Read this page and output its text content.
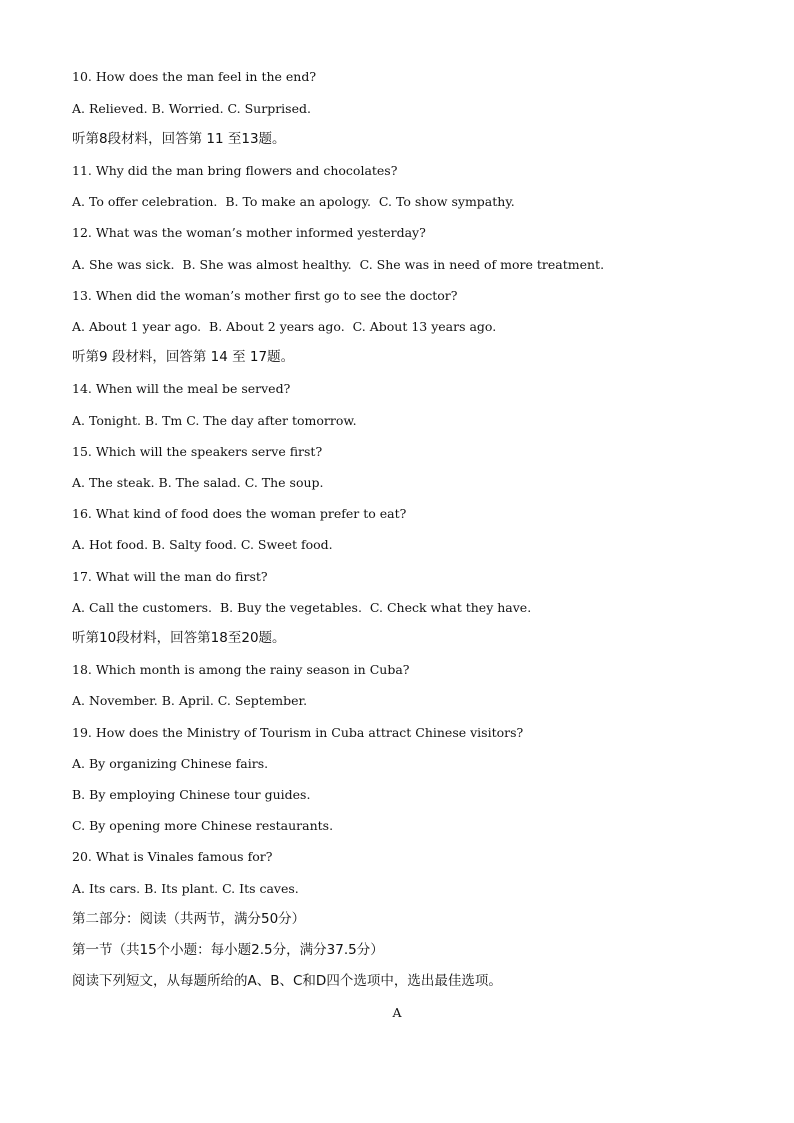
10. How does the man feel in the end?
A. Relieved. B. Worried. C. Surprised.
听第8段材料，回答第 11 至13题。
11. Why did the man bring flowers and chocolates?
A. To offer celebration.  B. To make an apology.  C. To show sympathy.
12. What was the woman’s mother informed yesterday?
A. She was sick.  B. She was almost healthy.  C. She was in need of more treatment.
13. When did the woman’s mother first go to see the doctor?
A. About 1 year ago.  B. About 2 years ago.  C. About 13 years ago.
听第9 段材料，回答第 14 至 17题。
14. When will the meal be served?
A. Tonight. B. Tm C. The day after tomorrow.
15. Which will the speakers serve first?
A. The steak. B. The salad. C. The soup.
16. What kind of food does the woman prefer to eat?
A. Hot food. B. Salty food. C. Sweet food.
17. What will the man do first?
A. Call the customers.  B. Buy the vegetables.  C. Check what they have.
听第10段材料，回答第18至20题。
18. Which month is among the rainy season in Cuba?
A. November. B. April. C. September.
19. How does the Ministry of Tourism in Cuba attract Chinese visitors?
A. By organizing Chinese fairs.
B. By employing Chinese tour guides.
C. By opening more Chinese restaurants.
20. What is Vinales famous for?
A. Its cars. B. Its plant. C. Its caves.
第二部分：阅读（共两节，满分50分）
第一节（共15个小题：每小题2.5分，满分37.5分）
阅读下列短文，从每题所给的A、B、C和D四个选项中，选出最佳选项。
A
